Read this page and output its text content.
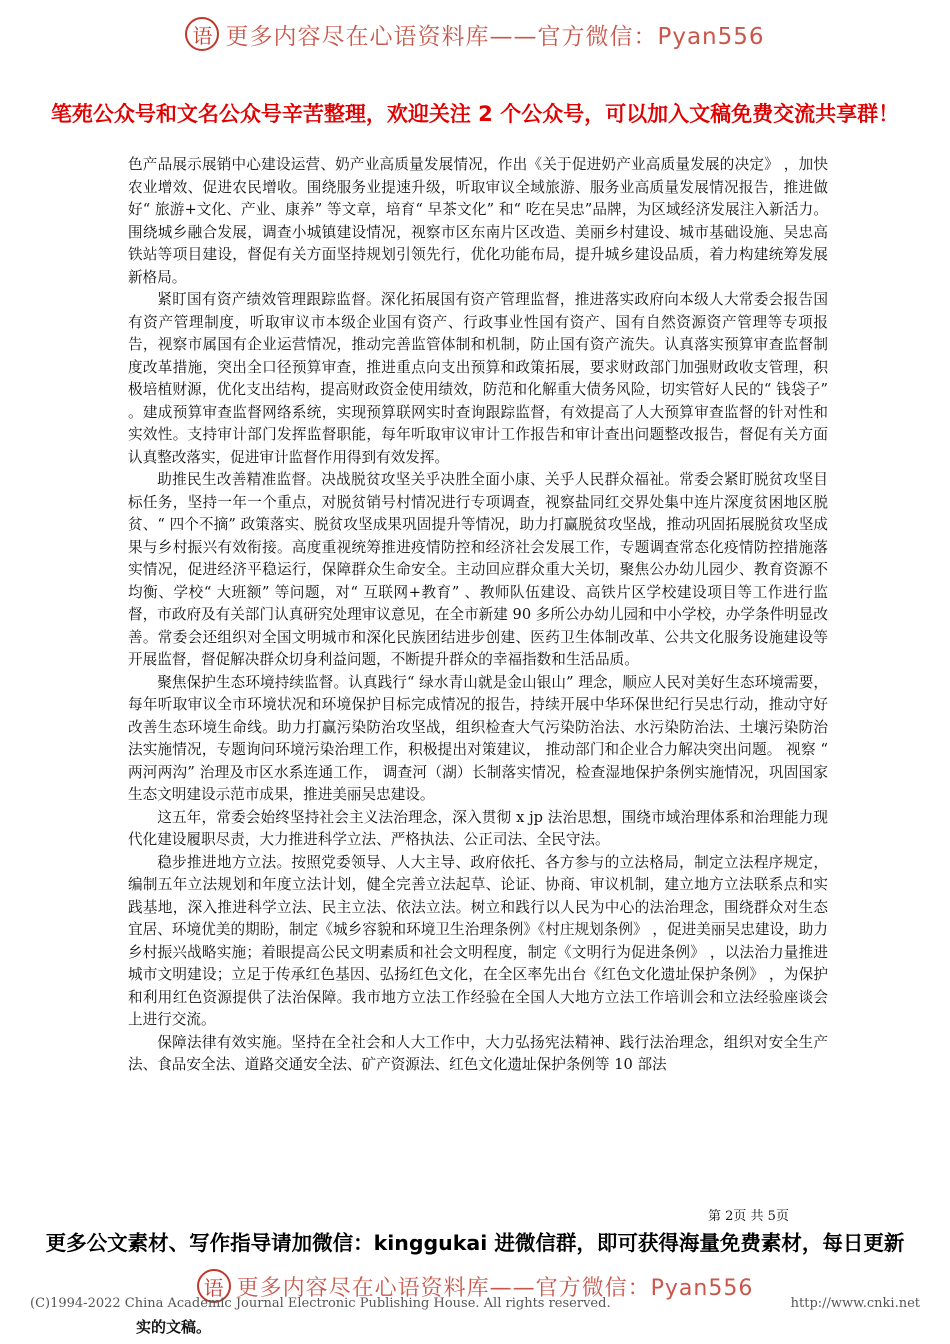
语 更多内容尽在心语资料库——官方微信：Pyan556
笔苑公众号和文名公众号辛苦整理，欢迎关注 2 个公众号，可以加入文稿免费交流共享群！

色产品展示展销中心建设运营、奶产业高质量发展情况，作出《关于促进奶产业高质量发展的决定》 ，加快农业增效、促进农民增收。围绕服务业提速升级，听取审议全域旅游、服务业高质量发展情况报告，推进做好“ 旅游+文化、产业、康养” 等文章，培育“ 早茶文化” 和“ 吃在吴忠”品牌，为区域经济发展注入新活力。围绕城乡融合发展，调查小城镇建设情况，视察市区东南片区改造、美丽乡村建设、城市基础设施、吴忠高铁站等项目建设，督促有关方面坚持规划引领先行，优化功能布局，提升城乡建设品质，着力构建统筹发展新格局。

紧盯国有资产绩效管理跟踪监督。深化拓展国有资产管理监督，推进落实政府向本级人大常委会报告国有资产管理制度，听取审议市本级企业国有资产、行政事业性国有资产、国有自然资源资产管理等专项报告，视察市属国有企业运营情况，推动完善监管体制和机制，防止国有资产流失。认真落实预算审查监督制度改革措施，突出全口径预算审查，推进重点向支出预算和政策拓展，要求财政部门加强财政收支管理，积极培植财源，优化支出结构，提高财政资金使用绩效，防范和化解重大债务风险，切实管好人民的“ 钱袋子” 。建成预算审查监督网络系统，实现预算联网实时查询跟踪监督，有效提高了人大预算审查监督的针对性和实效性。支持审计部门发挥监督职能，每年听取审议审计工作报告和审计查出问题整改报告，督促有关方面认真整改落实，促进审计监督作用得到有效发挥。

助推民生改善精准监督。决战脱贫攻坚关乎决胜全面小康、关乎人民群众福祉。常委会紧盯脱贫攻坚目标任务，坚持一年一个重点，对脱贫销号村情况进行专项调查，视察盐同红交界处集中连片深度贫困地区脱贫、“ 四个不摘” 政策落实、脱贫攻坚成果巩固提升等情况，助力打赢脱贫攻坚战，推动巩固拓展脱贫攻坚成果与乡村振兴有效衔接。高度重视统筹推进疫情防控和经济社会发展工作，专题调查常态化疫情防控措施落实情况，促进经济平稳运行，保障群众生命安全。主动回应群众重大关切，聚焦公办幼儿园少、教育资源不均衡、学校“ 大班额” 等问题，对“ 互联网+教育” 、教师队伍建设、高铁片区学校建设项目等工作进行监督，市政府及有关部门认真研究处理审议意见，在全市新建 90 多所公办幼儿园和中小学校，办学条件明显改善。常委会还组织对全国文明城市和深化民族团结进步创建、医药卫生体制改革、公共文化服务设施建设等开展监督，督促解决群众切身利益问题，不断提升群众的幸福指数和生活品质。

聚焦保护生态环境持续监督。认真践行“ 绿水青山就是金山银山” 理念，顺应人民对美好生态环境需要，每年听取审议全市环境状况和环境保护目标完成情况的报告，持续开展中华环保世纪行吴忠行动，推动守好改善生态环境生命线。助力打赢污染防治攻坚战，组织检查大气污染防治法、水污染防治法、土壤污染防治法实施情况，专题询问环境污染治理工作，积极提出对策建议， 推动部门和企业合力解决突出问题。 视察 “ 两河两沟” 治理及市区水系连通工作， 调查河（湖）长制落实情况，检查湿地保护条例实施情况，巩固国家生态文明建设示范市成果，推进美丽吴忠建设。

这五年，常委会始终坚持社会主义法治理念，深入贯彻 x jp 法治思想，围绕市域治理体系和治理能力现代化建设履职尽责，大力推进科学立法、严格执法、公正司法、全民守法。

稳步推进地方立法。按照党委领导、人大主导、政府依托、各方参与的立法格局，制定立法程序规定，编制五年立法规划和年度立法计划，健全完善立法起草、论证、协商、审议机制，建立地方立法联系点和实践基地，深入推进科学立法、民主立法、依法立法。树立和践行以人民为中心的法治理念，围绕群众对生态宜居、环境优美的期盼，制定《城乡容貌和环境卫生治理条例》《村庄规划条例》 ，促进美丽吴忠建设，助力乡村振兴战略实施；着眼提高公民文明素质和社会文明程度，制定《文明行为促进条例》 ，以法治力量推进城市文明建设；立足于传承红色基因、弘扬红色文化，在全区率先出台《红色文化遗址保护条例》 ，为保护和利用红色资源提供了法治保障。我市地方立法工作经验在全国人大地方立法工作培训会和立法经验座谈会上进行交流。

保障法律有效实施。坚持在全社会和人大工作中，大力弘扬宪法精神、践行法治理念，组织对安全生产法、食品安全法、道路交通安全法、矿产资源法、红色文化遗址保护条例等 10 部法

第 2页 共 5页
更多公文素材、写作指导请加微信：kinggukai 进微信群，即可获得海量免费素材，每日更新
语 更多内容尽在心语资料库——官方微信：Pyan556
(C)1994-2022 China Academic Journal Electronic Publishing House. All rights reserved.	http://www.cnki.net
实的文稿。
